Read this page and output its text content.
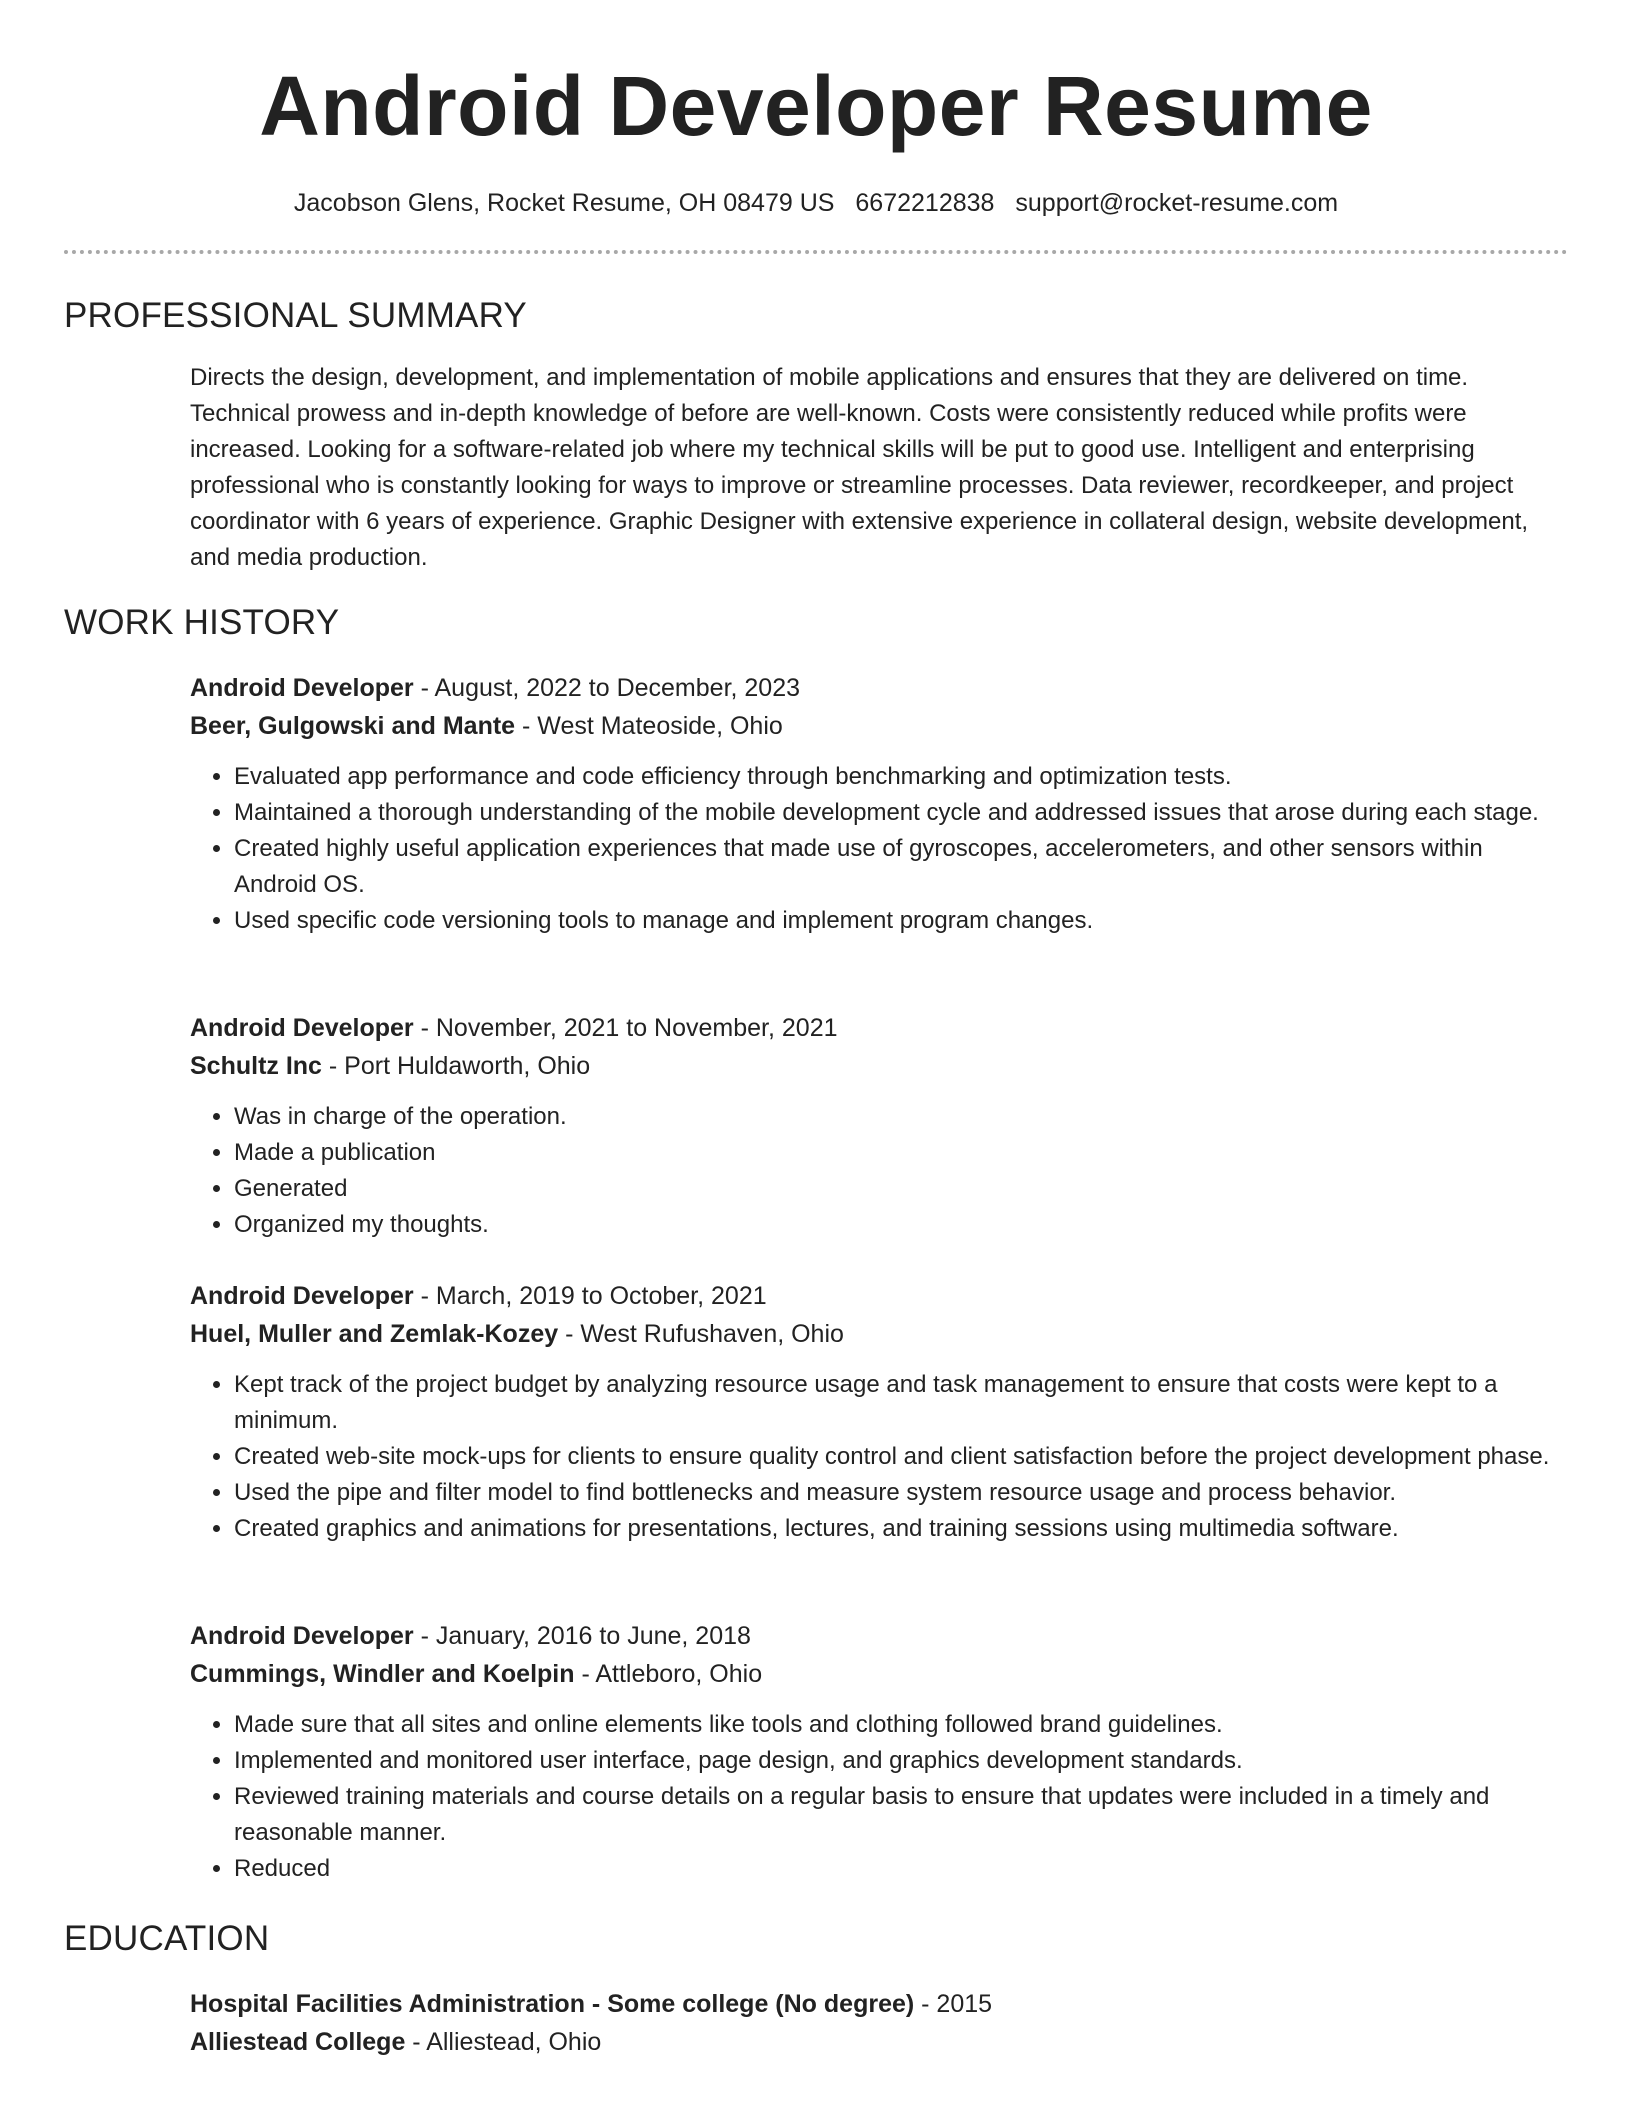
Android Developer Resume
Jacobson Glens, Rocket Resume, OH 08479 US 6672212838 support@rocket-resume.com
PROFESSIONAL SUMMARY

Directs the design, development, and implementation of mobile applications and ensures that they are delivered on time. Technical prowess and in-depth knowledge of before are well-known. Costs were consistently reduced while profits were increased. Looking for a software-related job where my technical skills will be put to good use. Intelligent and enterprising professional who is constantly looking for ways to improve or streamline processes. Data reviewer, recordkeeper, and project coordinator with 6 years of experience. Graphic Designer with extensive experience in collateral design, website development, and media production.

WORK HISTORY

Android Developer - August, 2022 to December, 2023

Beer, Gulgowski and Mante - West Mateoside, Ohio

• Evaluated app performance and code efficiency through benchmarking and optimization tests.
• Maintained a thorough understanding of the mobile development cycle and addressed issues that arose during each stage.
• Created highly useful application experiences that made use of gyroscopes, accelerometers, and other sensors within Android OS.
• Used specific code versioning tools to manage and implement program changes.

Android Developer - November, 2021 to November, 2021

Schultz Inc - Port Huldaworth, Ohio

• Was in charge of the operation.
• Made a publication
• Generated
• Organized my thoughts.

Android Developer - March, 2019 to October, 2021

Huel, Muller and Zemlak-Kozey - West Rufushaven, Ohio

• Kept track of the project budget by analyzing resource usage and task management to ensure that costs were kept to a minimum.
• Created web-site mock-ups for clients to ensure quality control and client satisfaction before the project development phase.
• Used the pipe and filter model to find bottlenecks and measure system resource usage and process behavior.
• Created graphics and animations for presentations, lectures, and training sessions using multimedia software.

Android Developer - January, 2016 to June, 2018

Cummings, Windler and Koelpin - Attleboro, Ohio

• Made sure that all sites and online elements like tools and clothing followed brand guidelines.
• Implemented and monitored user interface, page design, and graphics development standards.
• Reviewed training materials and course details on a regular basis to ensure that updates were included in a timely and reasonable manner.
• Reduced
EDUCATION

Hospital Facilities Administration - Some college (No degree) - 2015

Alliestead College - Alliestead, Ohio
